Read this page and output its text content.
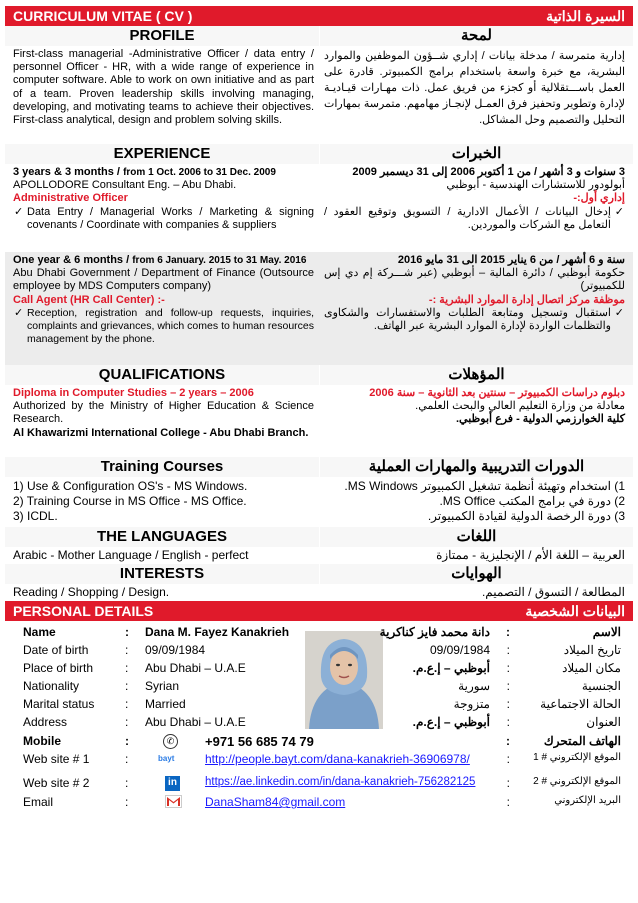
CURRICULUM VITAE ( CV )	السيرة الذاتية
PROFILE	لمحة

First-class managerial -Administrative Officer / data entry / personnel Officer - HR, with a wide range of experience in computer software. Able to work on own initiative and as part of a team. Proven leadership skills involving managing, developing, and motivating teams to achieve their objectives. First-class analytical, design and problem solving skills.

إدارية متمرسة / مدخلة بيانات / إداري شــؤون الموظفين والموارد البشرية، مع خبرة واسعة باستخدام برامج الكمبيوتر. قادرة على العمل باســـتقلالية أو كجزء من فريق عمل. ذات مهـارات قيـاديـة لإدارة وتطوير وتحفيز فرق العمـل لإنجـاز مهامهم. متمرسة بمهارات التحليل والتصميم وحل المشاكل.

EXPERIENCE	الخبرات

3 years & 3 months / from 1 Oct. 2006 to 31 Dec. 2009

APOLLODORE Consultant Eng. – Abu Dhabi.

Administrative Officer

✓ Data Entry / Managerial Works / Marketing & signing covenants / Coordinate with companies & suppliers

3 سنوات و 3 أشهر / من 1 أكتوبر 2006 إلى 31 ديسمبر 2009

أبولودور للاستشارات الهندسية - أبوظبي

إداري أول:-

✓ إدخال البيانات / الأعمال الادارية / التسويق وتوقيع العقود / التعامل مع الشركات والموردين.

One year & 6 months / from 6 January. 2015 to 31 May. 2016

Abu Dhabi Government / Department of Finance (Outsource employee by MDS Computers company)

Call Agent (HR Call Center) :-

✓ Reception, registration and follow-up requests, inquiries, complaints and grievances, which comes to human resources management by the phone.

سنة و 6 أشهر / من 6 يناير 2015 الى 31 مايو 2016

حكومة أبوظبي / دائرة المالية – أبوظبي (عبر شـــركة إم دي إس للكمبيوتر)

موظفة مركز اتصال إدارة الموارد البشرية :-

✓ استقبال وتسجيل ومتابعة الطلبات والاستفسارات والشكاوى والتظلمات الواردة لإدارة الموارد البشرية عبر الهاتف.
QUALIFICATIONS	المؤهلات

Diploma in Computer Studies – 2 years – 2006

Authorized by the Ministry of Higher Education & Science Research.

Al Khawarizmi International College - Abu Dhabi Branch.

دبلوم دراسات الكمبيوتر – سنتين بعد الثانوية – سنة 2006

معادلة من وزارة التعليم العالي والبحث العلمي.

كلية الخوارزمي الدولية - فرع أبوظبي.

Training Courses	الدورات التدريبية والمهارات العملية

1) Use & Configuration OS's - MS Windows.

2) Training Course in MS Office - MS Office.

3) ICDL.

1) استخدام وتهيئة أنظمة تشغيل الكمبيوتر MS Windows.

2) دورة في برامج المكتب MS Office.

3) دورة الرخصة الدولية لقيادة الكمبيوتر.

THE LANGUAGES	اللغات

Arabic - Mother Language / English - perfect	العربية – اللغة الأم / الإنجليزية - ممتازة

INTERESTS	الهوايات

Reading / Shopping / Design.	المطالعة / التسوق / التصميم.

PERSONAL DETAILS	البيانات الشخصية
Name	: Dana M. Fayez Kanakrieh	دانة محمد فايز كناكرية :	الاسم
Date of birth	: 09/09/1984	09/09/1984 :	تاريخ الميلاد
Place of birth	: Abu Dhabi – U.A.E	أبوظبي – إ.ع.م. :	مكان الميلاد
Nationality	: Syrian	سورية :	الجنسية
Marital status	: Married	متزوجة :	الحالة الاجتماعية
Address	: Abu Dhabi – U.A.E	أبوظبي – إ.ع.م. :	العنوان
Mobile	:	✆ +971 56 685 74 79	:	الهاتف المتحرك
Web site # 1	:	bayt	http://people.bayt.com/dana-kanakrieh-36906978/	: الموقع الإلكتروني # 1
Web site # 2	:	in https://ae.linkedin.com/in/dana-kanakrieh-756282125	: الموقع الإلكتروني # 2
Email	:	DanaSham84@gmail.com	:	البريد الإلكتروني
